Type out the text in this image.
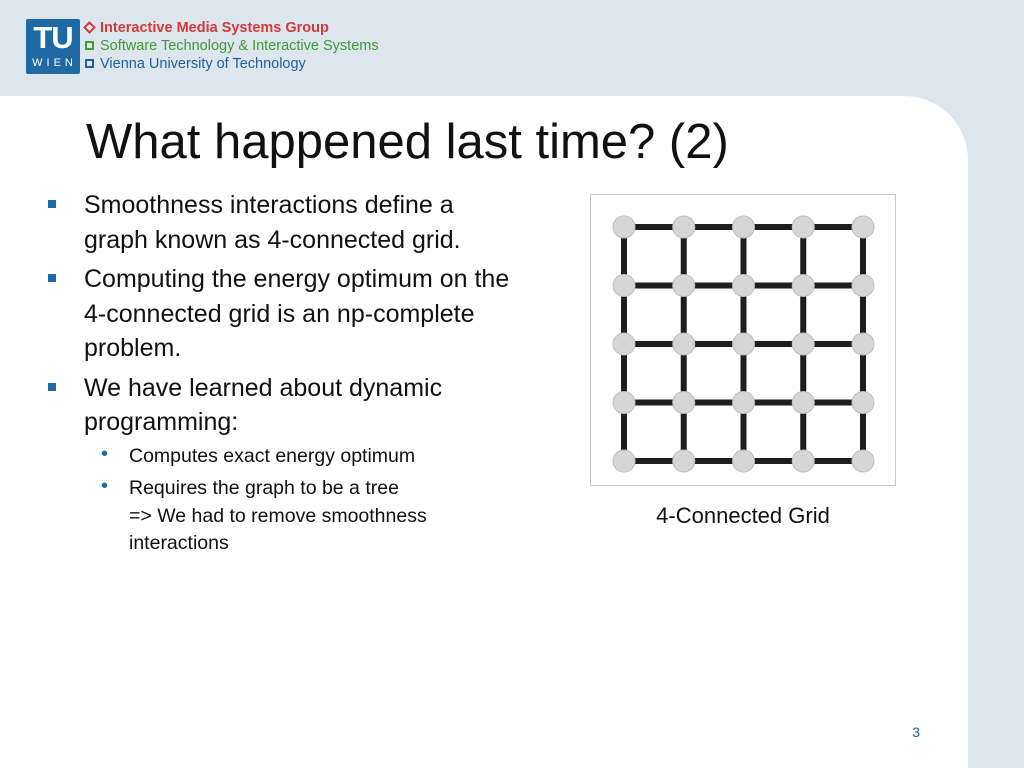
TU
WIEN
Interactive Media Systems Group
Software Technology & Interactive Systems
Vienna University of Technology
What happened last time? (2)
Smoothness interactions define a
graph known as 4-connected grid.
Computing the energy optimum on the
4-connected grid is an np-complete
problem.
We have learned about dynamic
programming:
• Computes exact energy optimum
• Requires the graph to be a tree
=> We had to remove smoothness
interactions
4-Connected Grid
3
